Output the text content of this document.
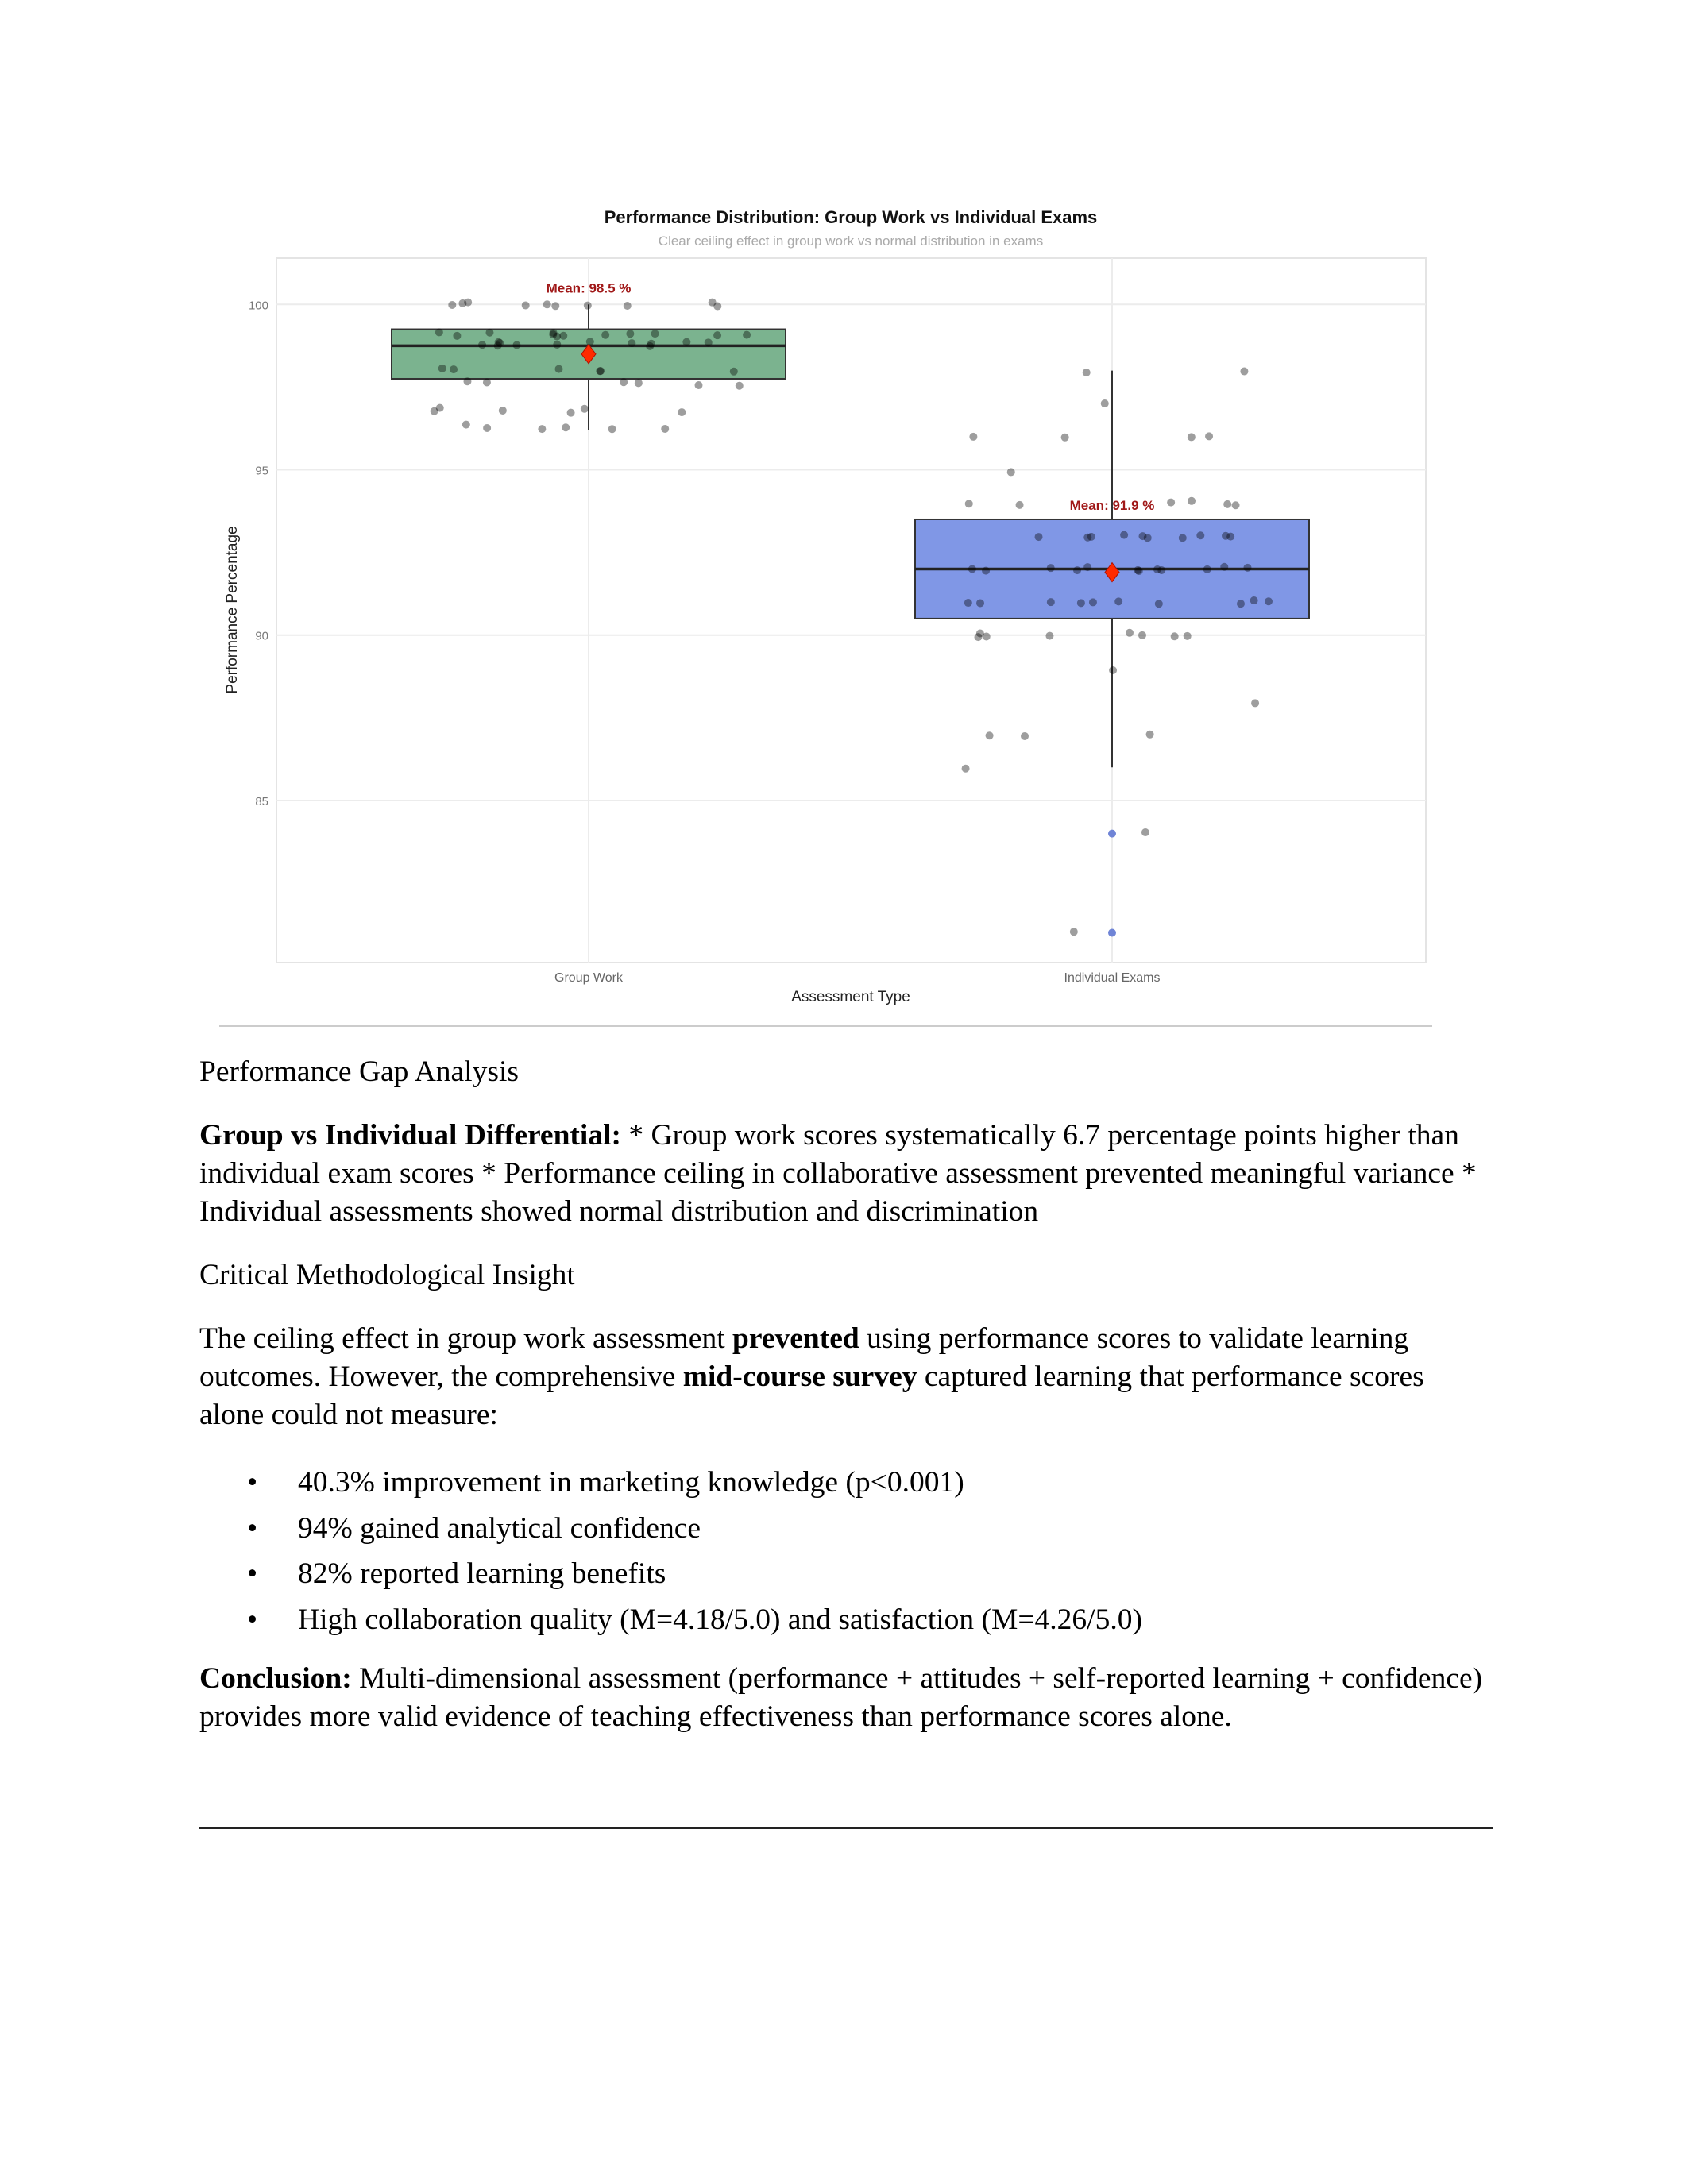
Performance Distribution: Group Work vs Individual Exams
Clear ceiling effect in group work vs normal distribution in exams
85
90
95
100
Group Work	Individual Exams
Mean: 98.5 %
Mean: 91.9 %
Performance Percentage
Assessment Type
Performance Gap Analysis
Group vs Individual Differential: * Group work scores systematically 6.7 percentage points higher than individual exam scores * Performance ceiling in collaborative assessment prevented meaningful variance * Individual assessments showed normal distribution and discrimination
Critical Methodological Insight
The ceiling effect in group work assessment prevented using performance scores to validate learning outcomes. However, the comprehensive mid-course survey captured learning that performance scores alone could not measure:
• 40.3% improvement in marketing knowledge (p<0.001)
• 94% gained analytical confidence
• 82% reported learning benefits
• High collaboration quality (M=4.18/5.0) and satisfaction (M=4.26/5.0)
Conclusion: Multi-dimensional assessment (performance + attitudes + self-reported learning + confidence) provides more valid evidence of teaching effectiveness than performance scores alone.
